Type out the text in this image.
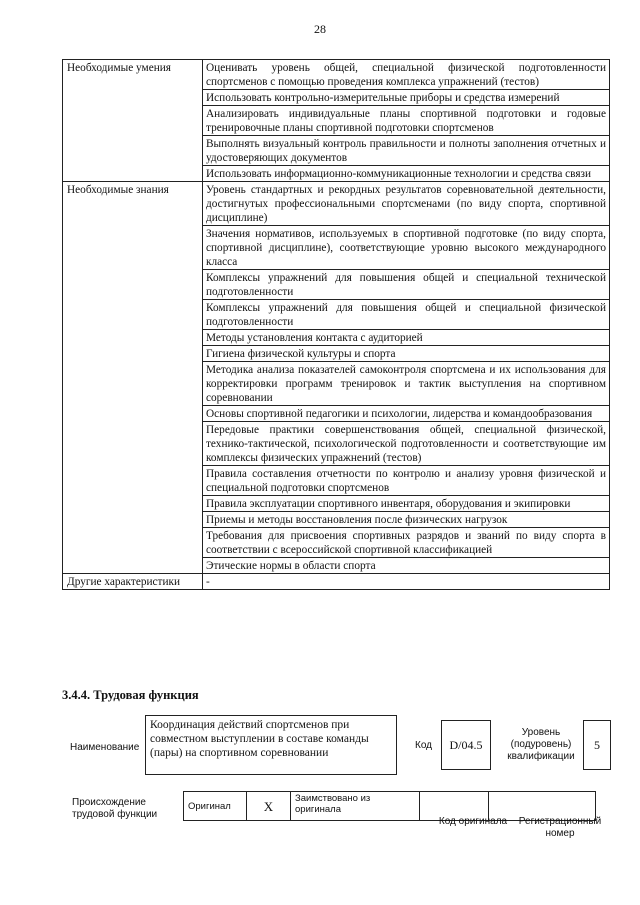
28
Необходимые умения	Оценивать уровень общей, специальной физической подготовленности спортсменов с помощью проведения комплекса упражнений (тестов)
	Использовать контрольно-измерительные приборы и средства измерений
	Анализировать индивидуальные планы спортивной подготовки и годовые тренировочные планы спортивной подготовки спортсменов
	Выполнять визуальный контроль правильности и полноты заполнения отчетных и удостоверяющих документов
	Использовать информационно-коммуникационные технологии и средства связи
Необходимые знания	Уровень стандартных и рекордных результатов соревновательной деятельности, достигнутых профессиональными спортсменами (по виду спорта, спортивной дисциплине)
	Значения нормативов, используемых в спортивной подготовке (по виду спорта, спортивной дисциплине), соответствующие уровню высокого международного класса
	Комплексы упражнений для повышения общей и специальной технической подготовленности
	Комплексы упражнений для повышения общей и специальной физической подготовленности
	Методы установления контакта с аудиторией
	Гигиена физической культуры и спорта
	Методика анализа показателей самоконтроля спортсмена и их использования для корректировки программ тренировок и тактик выступления на спортивном соревновании
	Основы спортивной педагогики и психологии, лидерства и командообразования
	Передовые практики совершенствования общей, специальной физической, технико-тактической, психологической подготовленности и соответствующие им комплексы физических упражнений (тестов)
	Правила составления отчетности по контролю и анализу уровня физической и специальной подготовки спортсменов
	Правила эксплуатации спортивного инвентаря, оборудования и экипировки
	Приемы и методы восстановления после физических нагрузок
	Требования для присвоения спортивных разрядов и званий по виду спорта в соответствии с всероссийской спортивной классификацией
	Этические нормы в области спорта
Другие характеристики	-
3.4.4. Трудовая функция
Наименование
Координация действий спортсменов при совместном выступлении в составе команды (пары) на спортивном соревновании
Код	D/04.5
Уровень (подуровень) квалификации
5
Происхождение трудовой функции
Оригинал	X	Заимствовано из оригинала		
Код оригинала	Регистрационный номер
